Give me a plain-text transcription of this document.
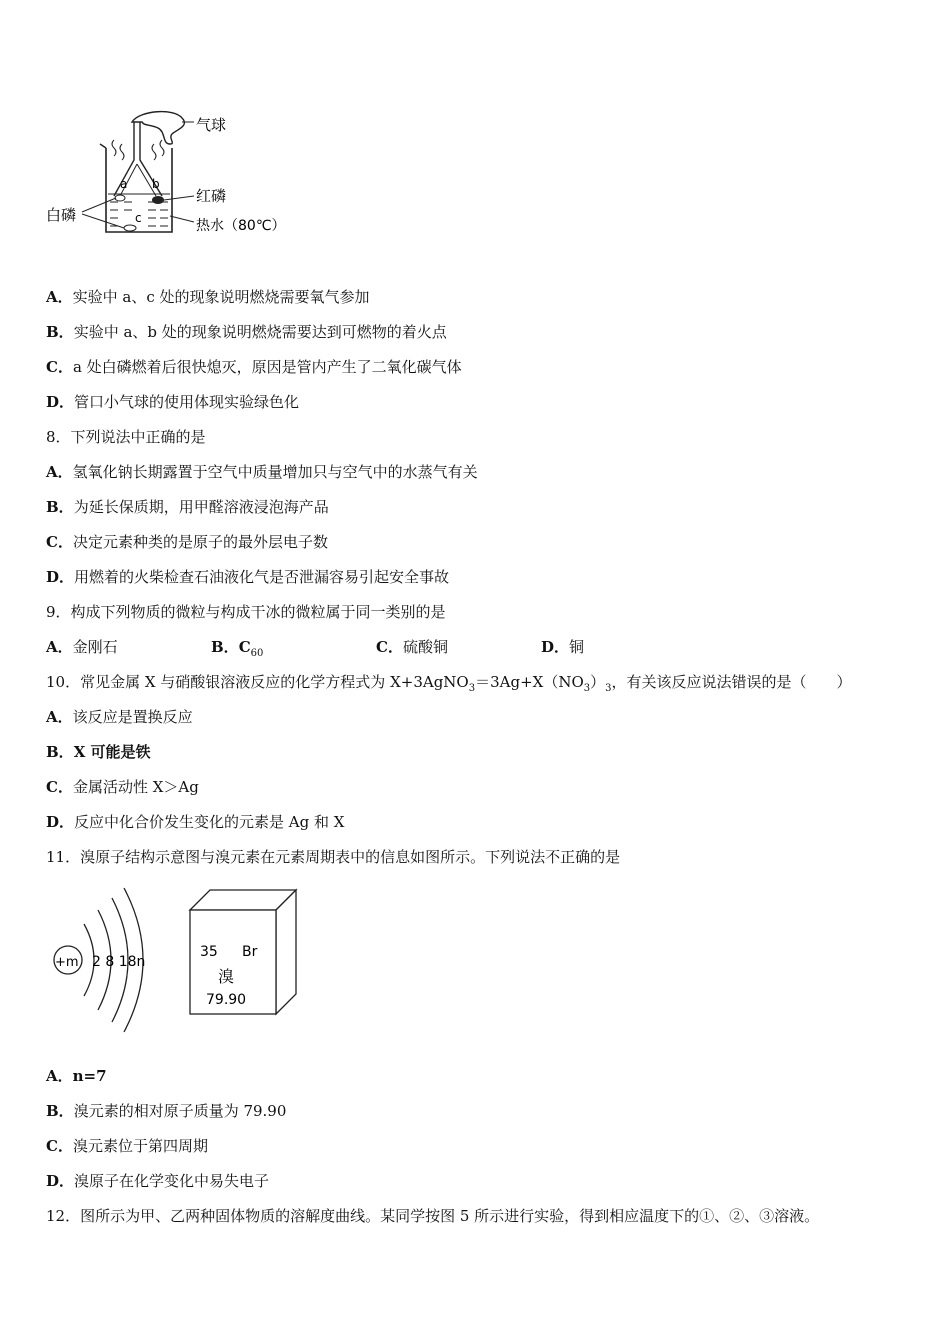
a b
c
气球
红磷
热水（80℃）
白磷
A．实验中 a、c 处的现象说明燃烧需要氧气参加
B．实验中 a、b 处的现象说明燃烧需要达到可燃物的着火点
C．a 处白磷燃着后很快熄灭，原因是管内产生了二氧化碳气体
D．管口小气球的使用体现实验绿色化
8．下列说法中正确的是
A．氢氧化钠长期露置于空气中质量增加只与空气中的水蒸气有关
B．为延长保质期，用甲醛溶液浸泡海产品
C．决定元素种类的是原子的最外层电子数
D．用燃着的火柴检查石油液化气是否泄漏容易引起安全事故
9．构成下列物质的微粒与构成干冰的微粒属于同一类别的是
A．金刚石	B．$C_{60}$	C．硫酸铜	D．铜
10．常见金属 X 与硝酸银溶液反应的化学方程式为 $X+3AgNO_3=3Ag+X(NO_3)_3$，有关该反应说法错误的是（　　）
A．该反应是置换反应
B．X 可能是铁
C．金属活动性 X＞Ag
D．反应中化合价发生变化的元素是 Ag 和 X
11．溴原子结构示意图与溴元素在元素周期表中的信息如图所示。下列说法不正确的是
+m 2 8 18n
35 Br
溴
79.90
A．n=7
B．溴元素的相对原子质量为 79.90
C．溴元素位于第四周期
D．溴原子在化学变化中易失电子
12．图所示为甲、乙两种固体物质的溶解度曲线。某同学按图 5 所示进行实验，得到相应温度下的①、②、③溶液。
